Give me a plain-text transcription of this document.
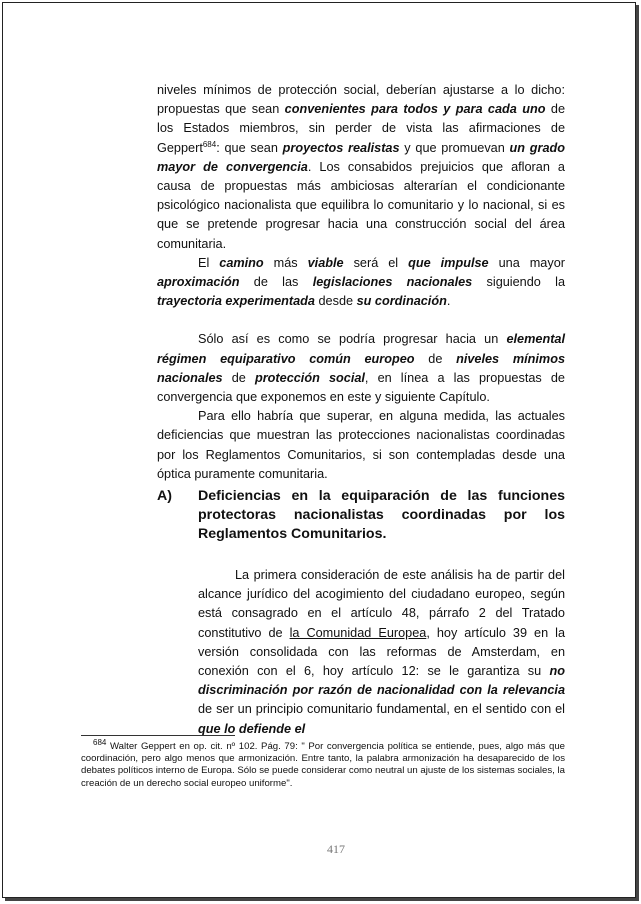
niveles mínimos de protección social, deberían ajustarse a lo dicho: propuestas que sean convenientes para todos y para cada uno de los Estados miembros, sin perder de vista las afirmaciones de Geppert$^{684}$: que sean proyectos realistas y que promuevan un grado mayor de convergencia. Los consabidos prejuicios que afloran a causa de propuestas más ambiciosas alterarían el condicionante psicológico nacionalista que equilibra lo comunitario y lo nacional, si es que se pretende progresar hacia una construcción social del área comunitaria.

El camino más viable será el que impulse una mayor aproximación de las legislaciones nacionales siguiendo la trayectoria experimentada desde su cordinación.

Sólo así es como se podría progresar hacia un elemental régimen equiparativo común europeo de niveles mínimos nacionales de protección social, en línea a las propuestas de convergencia que exponemos en este y siguiente Capítulo.

Para ello habría que superar, en alguna medida, las actuales deficiencias que muestran las protecciones nacionalistas coordinadas por los Reglamentos Comunitarios, si son contempladas desde una óptica puramente comunitaria.

A) Deficiencias en la equiparación de las funciones protectoras nacionalistas coordinadas por los Reglamentos Comunitarios.

La primera consideración de este análisis ha de partir del alcance jurídico del acogimiento del ciudadano europeo, según está consagrado en el artículo 48, párrafo 2 del Tratado constitutivo de la Comunidad Europea, hoy artículo 39 en la versión consolidada con las reformas de Amsterdam, en conexión con el 6, hoy artículo 12: se le garantiza su no discriminación por razón de nacionalidad con la relevancia de ser un principio comunitario fundamental, en el sentido con el que lo defiende el

$^{684}$ Walter Geppert en op. cit. nº 102. Pág. 79: " Por convergencia política se entiende, pues, algo más que coordinación, pero algo menos que armonización. Entre tanto, la palabra armonización ha desaparecido de los debates políticos interno de Europa. Sólo se puede considerar como neutral un ajuste de los sistemas sociales, la creación de un derecho social europeo uniforme".

417
